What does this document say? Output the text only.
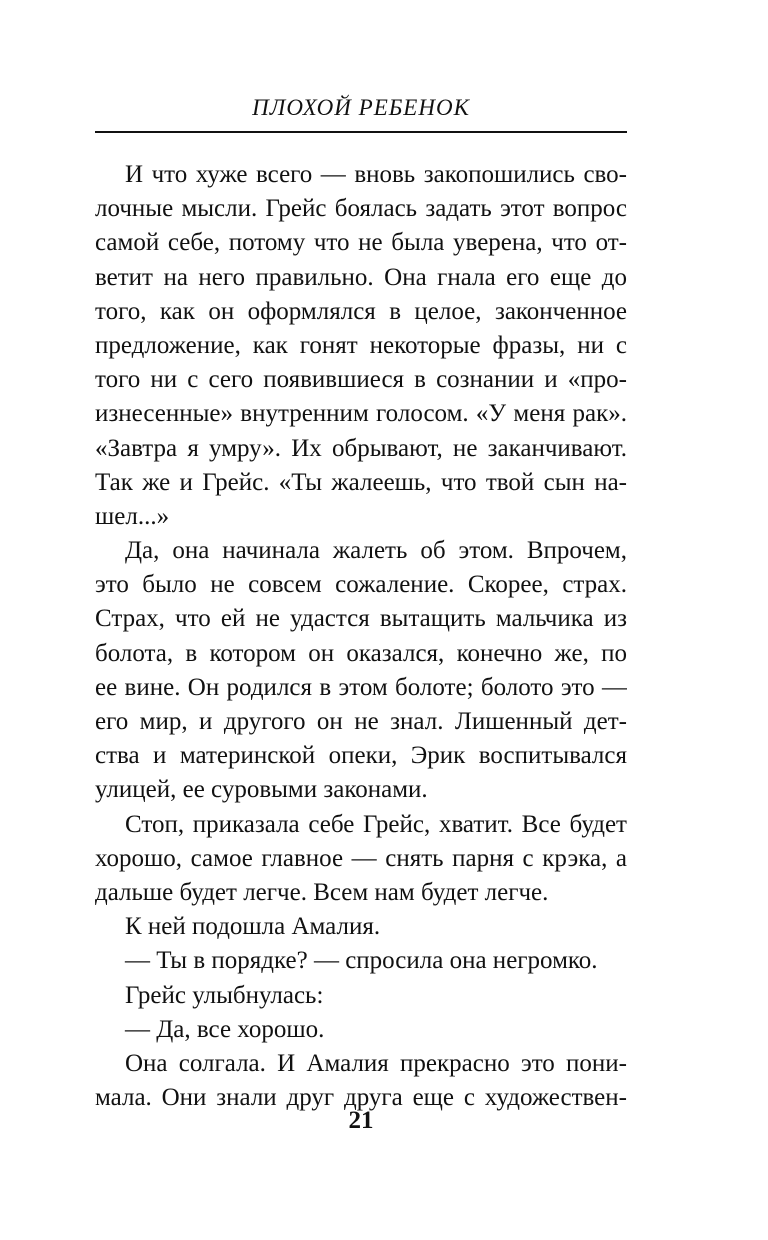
ПЛОХОЙ РЕБЕНОК
И что хуже всего — вновь закопошились сво-
лочные мысли. Грейс боялась задать этот вопрос
самой себе, потому что не была уверена, что от-
ветит на него правильно. Она гнала его еще до
того, как он оформлялся в целое, законченное
предложение, как гонят некоторые фразы, ни с
того ни с сего появившиеся в сознании и «про-
изнесенные» внутренним голосом. «У меня рак».
«Завтра я умру». Их обрывают, не заканчивают.
Так же и Грейс. «Ты жалеешь, что твой сын на-
шел...»
Да, она начинала жалеть об этом. Впрочем,
это было не совсем сожаление. Скорее, страх.
Страх, что ей не удастся вытащить мальчика из
болота, в котором он оказался, конечно же, по
ее вине. Он родился в этом болоте; болото это —
его мир, и другого он не знал. Лишенный дет-
ства и материнской опеки, Эрик воспитывался
улицей, ее суровыми законами.
Стоп, приказала себе Грейс, хватит. Все будет
хорошо, самое главное — снять парня с крэка, а
дальше будет легче. Всем нам будет легче.
К ней подошла Амалия.
— Ты в порядке? — спросила она негромко.
Грейс улыбнулась:
— Да, все хорошо.
Она солгала. И Амалия прекрасно это пони-
мала. Они знали друг друга еще с художествен-
21
